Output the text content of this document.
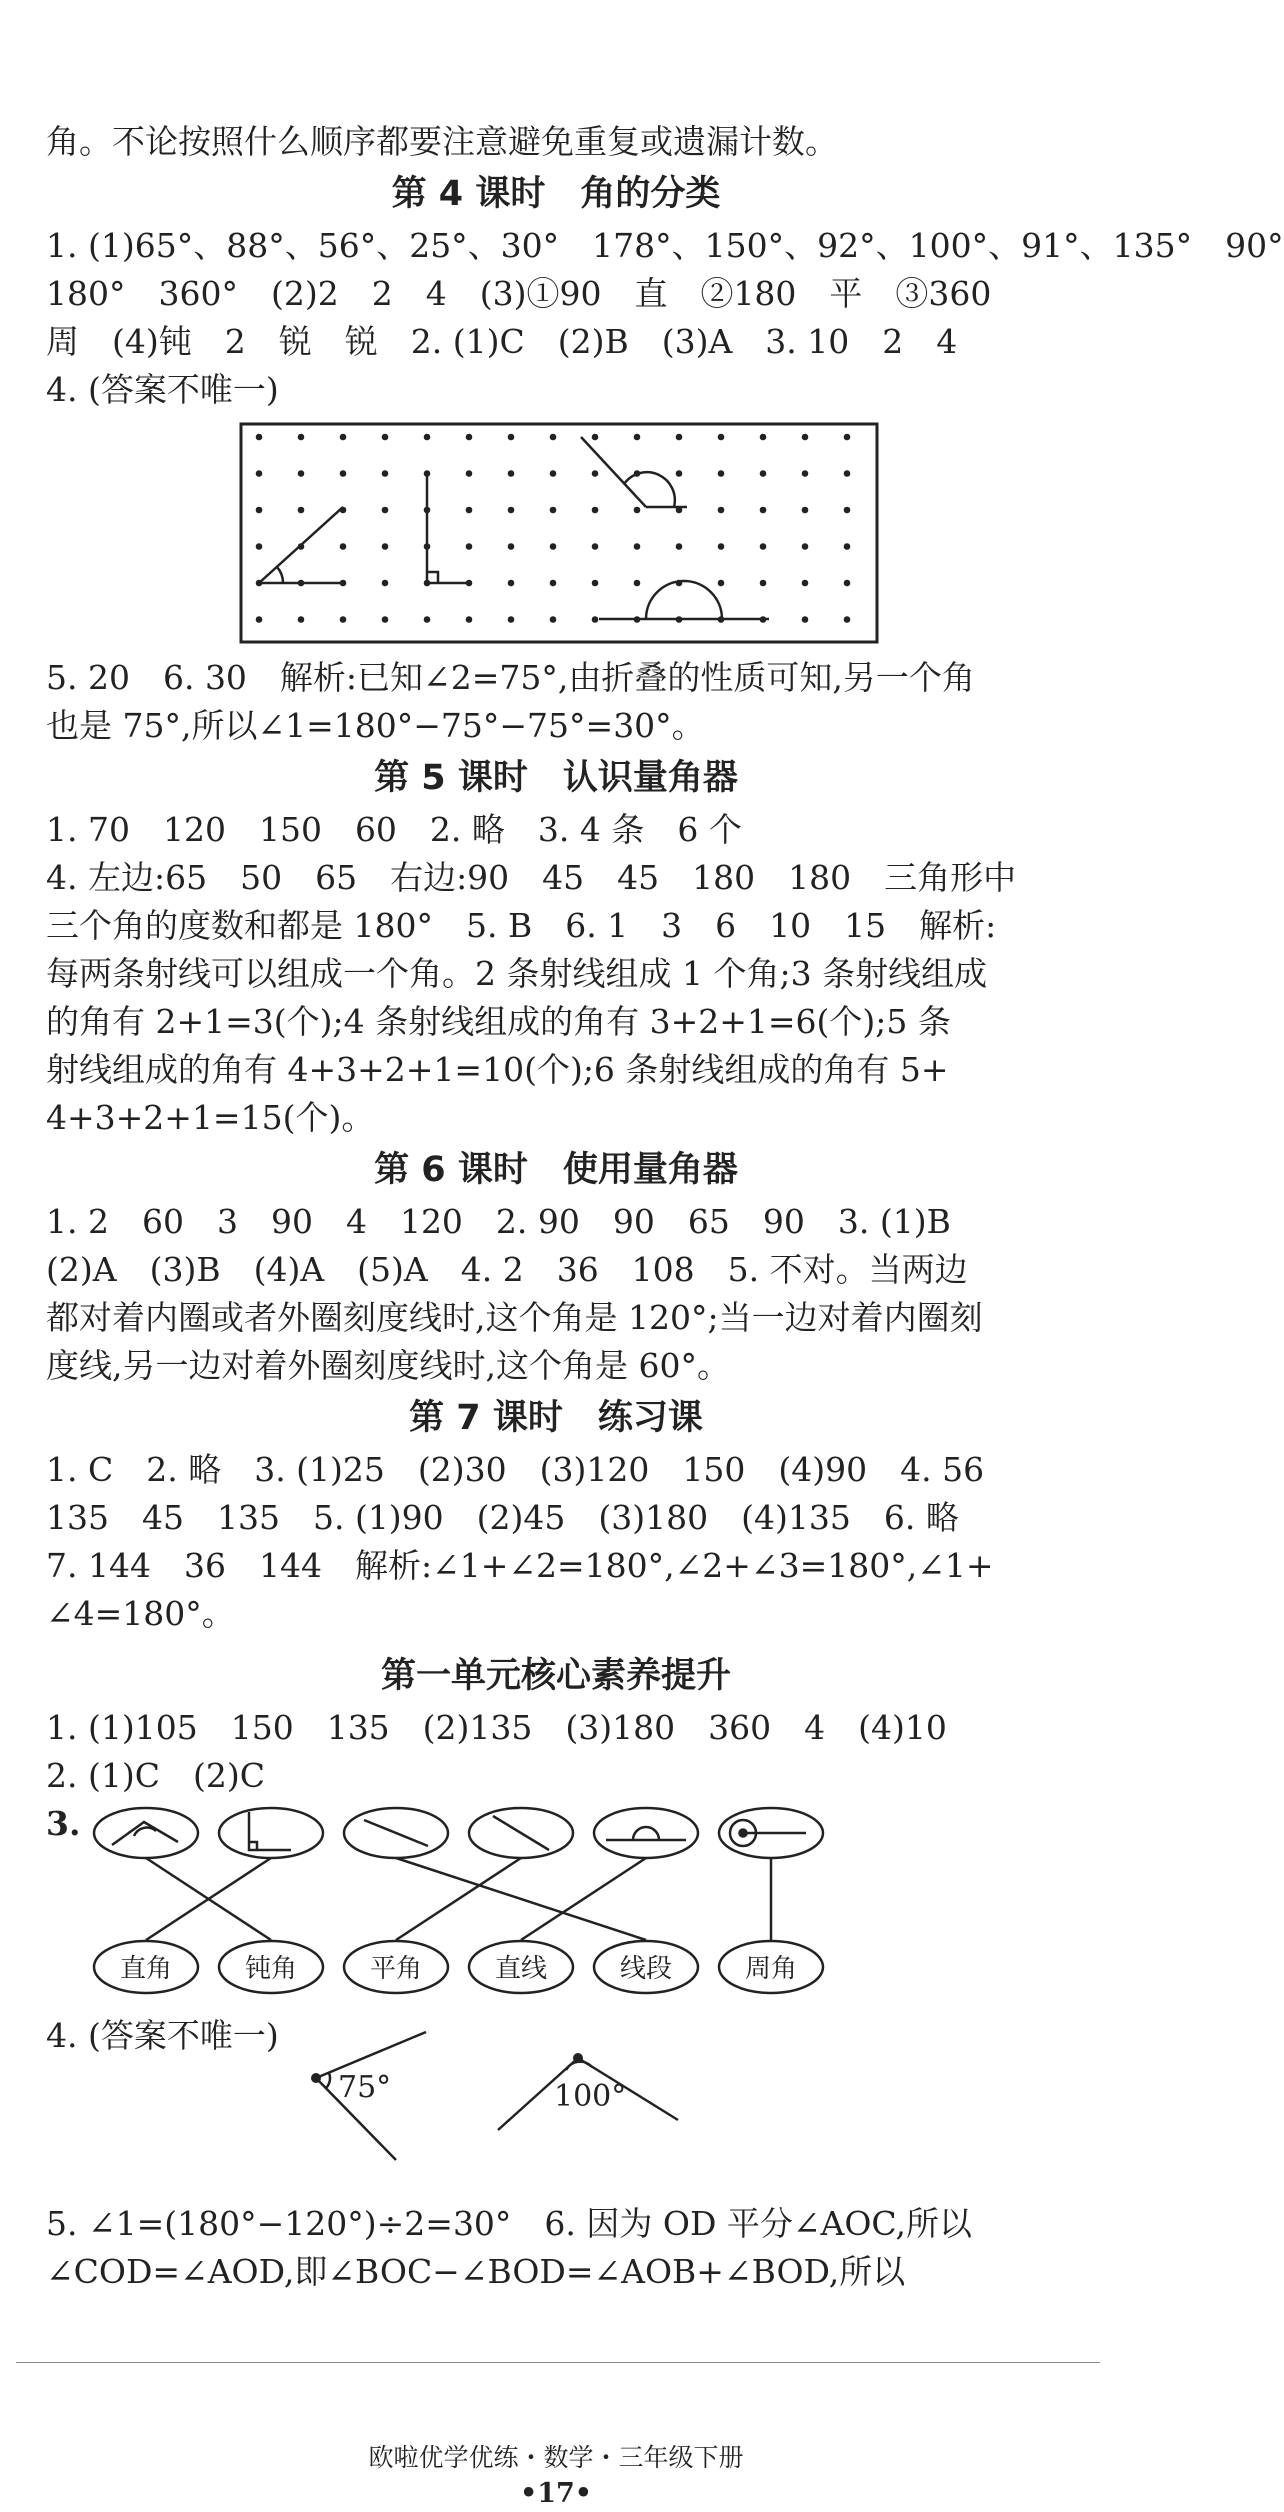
角。不论按照什么顺序都要注意避免重复或遗漏计数。

第 4 课时　角的分类

1. (1)65°、88°、56°、25°、30°　178°、150°、92°、100°、91°、135°　90°

180°　360°　(2)2　2　4　(3)①90　直　②180　平　③360

周　(4)钝　2　锐　锐　2. (1)C　(2)B　(3)A　3. 10　2　4

4. (答案不唯一)

5. 20　6. 30　解析:已知∠2=75°,由折叠的性质可知,另一个角

也是 75°,所以∠1=180°−75°−75°=30°。

第 5 课时　认识量角器

1. 70　120　150　60　2. 略　3. 4 条　6 个

4. 左边:65　50　65　右边:90　45　45　180　180　三角形中

三个角的度数和都是 180°　5. B　6. 1　3　6　10　15　解析:

每两条射线可以组成一个角。2 条射线组成 1 个角;3 条射线组成

的角有 2+1=3(个);4 条射线组成的角有 3+2+1=6(个);5 条

射线组成的角有 4+3+2+1=10(个);6 条射线组成的角有 5+

4+3+2+1=15(个)。

第 6 课时　使用量角器

1. 2　60　3　90　4　120　2. 90　90　65　90　3. (1)B

(2)A　(3)B　(4)A　(5)A　4. 2　36　108　5. 不对。当两边

都对着内圈或者外圈刻度线时,这个角是 120°;当一边对着内圈刻

度线,另一边对着外圈刻度线时,这个角是 60°。

第 7 课时　练习课

1. C　2. 略　3. (1)25　(2)30　(3)120　150　(4)90　4. 56

135　45　135　5. (1)90　(2)45　(3)180　(4)135　6. 略

7. 144　36　144　解析:∠1+∠2=180°,∠2+∠3=180°,∠1+

∠4=180°。

第一单元核心素养提升

1. (1)105　150　135　(2)135　(3)180　360　4　(4)10

2. (1)C　(2)C

3.
直角	钝角	平角	直线	线段	周角

4. (答案不唯一)

75°	100°

5. ∠1=(180°−120°)÷2=30°　6. 因为 OD 平分∠AOC,所以

∠COD=∠AOD,即∠BOC−∠BOD=∠AOB+∠BOD,所以

欧啦优学优练・数学・三年级下册
•17•
